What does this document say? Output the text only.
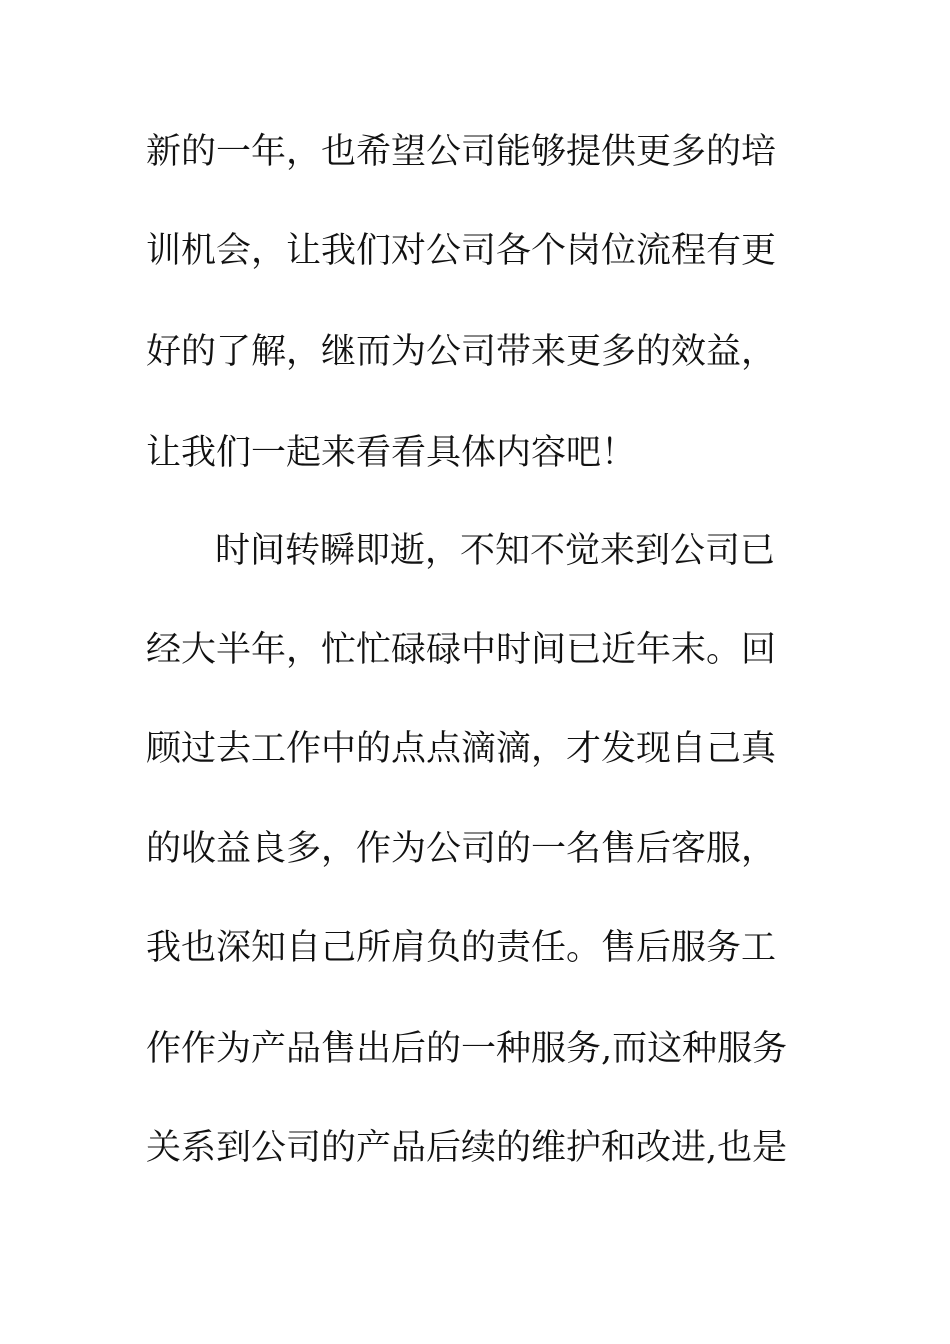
新的一年，也希望公司能够提供更多的培
训机会，让我们对公司各个岗位流程有更
好的了解，继而为公司带来更多的效益，
让我们一起来看看具体内容吧！
时间转瞬即逝，不知不觉来到公司已
经大半年，忙忙碌碌中时间已近年末。回
顾过去工作中的点点滴滴，才发现自己真
的收益良多，作为公司的一名售后客服，
我也深知自己所肩负的责任。售后服务工
作作为产品售出后的一种服务,而这种服务
关系到公司的产品后续的维护和改进,也是
